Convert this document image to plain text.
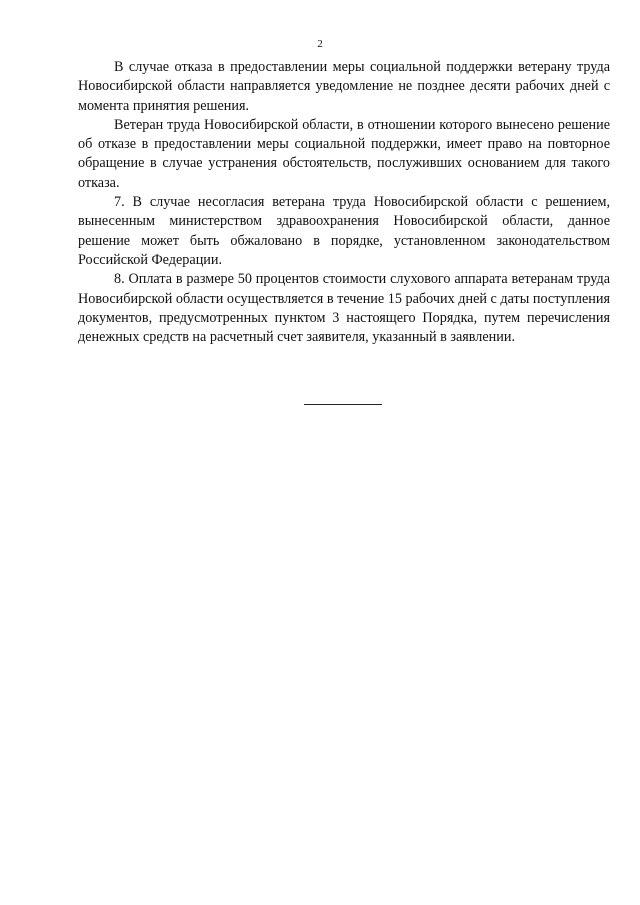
2

В случае отказа в предоставлении меры социальной поддержки ветерану труда Новосибирской области направляется уведомление не позднее десяти рабочих дней с момента принятия решения.

Ветеран труда Новосибирской области, в отношении которого вынесено решение об отказе в предоставлении меры социальной поддержки, имеет право на повторное обращение в случае устранения обстоятельств, послуживших основанием для такого отказа.

7. В случае несогласия ветерана труда Новосибирской области с решением, вынесенным министерством здравоохранения Новосибирской области, данное решение может быть обжаловано в порядке, установленном законодательством Российской Федерации.

8. Оплата в размере 50 процентов стоимости слухового аппарата ветеранам труда Новосибирской области осуществляется в течение 15 рабочих дней с даты поступления документов, предусмотренных пунктом 3 настоящего Порядка, путем перечисления денежных средств на расчетный счет заявителя, указанный в заявлении.
